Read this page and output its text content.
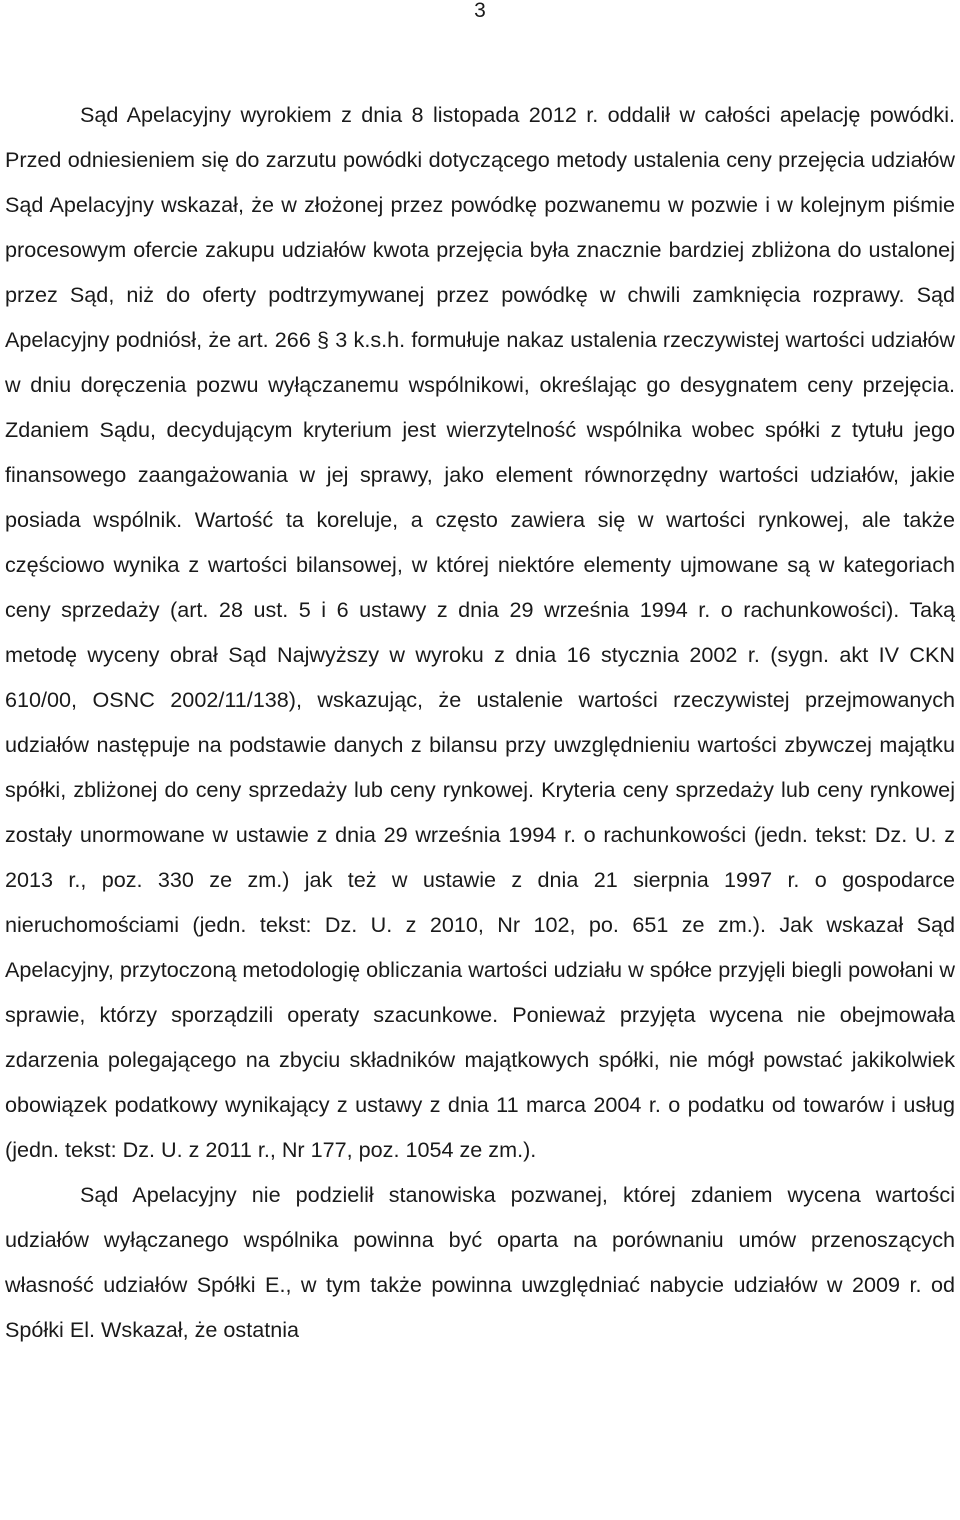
3

Sąd Apelacyjny wyrokiem z dnia 8 listopada 2012 r. oddalił w całości apelację powódki. Przed odniesieniem się do zarzutu powódki dotyczącego metody ustalenia ceny przejęcia udziałów Sąd Apelacyjny wskazał, że w złożonej przez powódkę pozwanemu w pozwie i w kolejnym piśmie procesowym ofercie zakupu udziałów kwota przejęcia była znacznie bardziej zbliżona do ustalonej przez Sąd, niż do oferty podtrzymywanej przez powódkę w chwili zamknięcia rozprawy. Sąd Apelacyjny podniósł, że art. 266 § 3 k.s.h. formułuje nakaz ustalenia rzeczywistej wartości udziałów w dniu doręczenia pozwu wyłączanemu wspólnikowi, określając go desygnatem ceny przejęcia. Zdaniem Sądu, decydującym kryterium jest wierzytelność wspólnika wobec spółki z tytułu jego finansowego zaangażowania w jej sprawy, jako element równorzędny wartości udziałów, jakie posiada wspólnik. Wartość ta koreluje, a często zawiera się w wartości rynkowej, ale także częściowo wynika z wartości bilansowej, w której niektóre elementy ujmowane są w kategoriach ceny sprzedaży (art. 28 ust. 5 i 6 ustawy z dnia 29 września 1994 r. o rachunkowości). Taką metodę wyceny obrał Sąd Najwyższy w wyroku z dnia 16 stycznia 2002 r. (sygn. akt IV CKN 610/00, OSNC 2002/11/138), wskazując, że ustalenie wartości rzeczywistej przejmowanych udziałów następuje na podstawie danych z bilansu przy uwzględnieniu wartości zbywczej majątku spółki, zbliżonej do ceny sprzedaży lub ceny rynkowej. Kryteria ceny sprzedaży lub ceny rynkowej zostały unormowane w ustawie z dnia 29 września 1994 r. o rachunkowości (jedn. tekst: Dz. U. z 2013 r., poz. 330 ze zm.) jak też w ustawie z dnia 21 sierpnia 1997 r. o gospodarce nieruchomościami (jedn. tekst: Dz. U. z 2010, Nr 102, po. 651 ze zm.). Jak wskazał Sąd Apelacyjny, przytoczoną metodologię obliczania wartości udziału w spółce przyjęli biegli powołani w sprawie, którzy sporządzili operaty szacunkowe. Ponieważ przyjęta wycena nie obejmowała zdarzenia polegającego na zbyciu składników majątkowych spółki, nie mógł powstać jakikolwiek obowiązek podatkowy wynikający z ustawy z dnia 11 marca 2004 r. o podatku od towarów i usług (jedn. tekst: Dz. U. z 2011 r., Nr 177, poz. 1054 ze zm.).

Sąd Apelacyjny nie podzielił stanowiska pozwanej, której zdaniem wycena wartości udziałów wyłączanego wspólnika powinna być oparta na porównaniu umów przenoszących własność udziałów Spółki E., w tym także powinna uwzględniać nabycie udziałów w 2009 r. od Spółki El. Wskazał, że ostatnia
